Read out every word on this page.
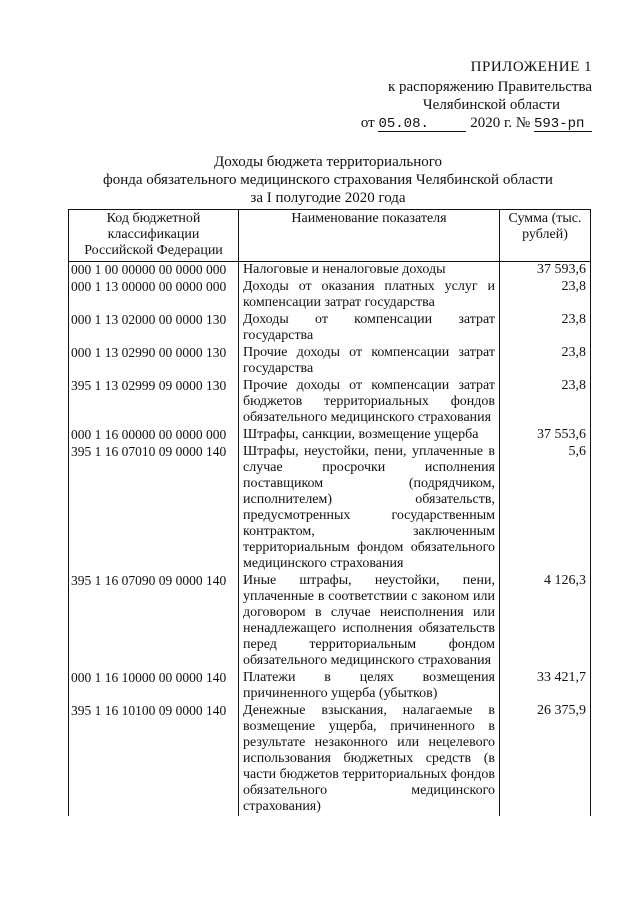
ПРИЛОЖЕНИЕ 1
к распоряжению Правительства
Челябинской области
от 05.08.	2020 г. № 593-рп
Доходы бюджета территориального
фонда обязательного медицинского страхования Челябинской области
за I полугодие 2020 года
Код бюджетной классификации Российской Федерации	Наименование показателя	Сумма (тыс. рублей)
000 1 00 00000 00 0000 000	Налоговые и неналоговые доходы	37 593,6
000 1 13 00000 00 0000 000	Доходы от оказания платных услуг и компенсации затрат государства	23,8
000 1 13 02000 00 0000 130	Доходы от компенсации затрат государства	23,8
000 1 13 02990 00 0000 130	Прочие доходы от компенсации затрат государства	23,8
395 1 13 02999 09 0000 130	Прочие доходы от компенсации затрат бюджетов территориальных фондов обязательного медицинского страхования	23,8
000 1 16 00000 00 0000 000	Штрафы, санкции, возмещение ущерба	37 553,6
395 1 16 07010 09 0000 140	Штрафы, неустойки, пени, уплаченные в случае просрочки исполнения поставщиком (подрядчиком, исполнителем) обязательств, предусмотренных государственным контрактом, заключенным территориальным фондом обязательного медицинского страхования	5,6
395 1 16 07090 09 0000 140	Иные штрафы, неустойки, пени, уплаченные в соответствии с законом или договором в случае неисполнения или ненадлежащего исполнения обязательств перед территориальным фондом обязательного медицинского страхования	4 126,3
000 1 16 10000 00 0000 140	Платежи в целях возмещения причиненного ущерба (убытков)	33 421,7
395 1 16 10100 09 0000 140	Денежные взыскания, налагаемые в возмещение ущерба, причиненного в результате незаконного или нецелевого использования бюджетных средств (в части бюджетов территориальных фондов обязательного медицинского страхования)	26 375,9
